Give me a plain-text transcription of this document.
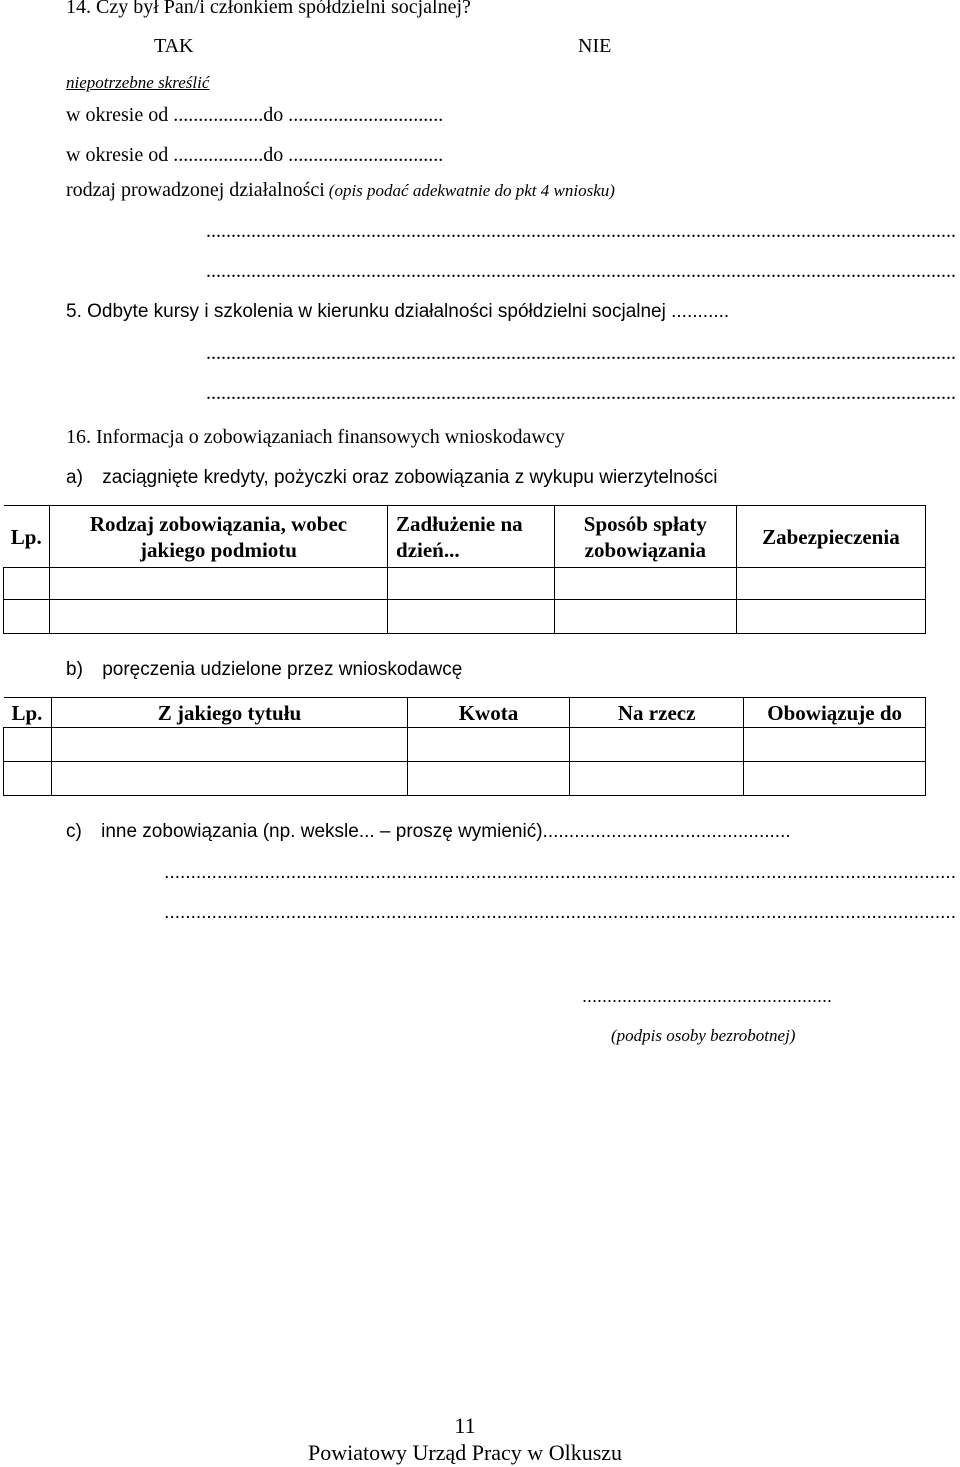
14. Czy był Pan/i członkiem spółdzielni socjalnej?
TAK	NIE
niepotrzebne skreślić
w okresie od ..................do ...............................
w okresie od ..................do ...............................
rodzaj prowadzonej działalności (opis podać adekwatnie do pkt 4 wniosku)
......................................................................................................................................................
......................................................................................................................................................
5. Odbyte kursy i szkolenia w kierunku działalności spółdzielni socjalnej ...........
......................................................................................................................................................
......................................................................................................................................................
16. Informacja o zobowiązaniach finansowych wnioskodawcy
a) zaciągnięte kredyty, pożyczki oraz zobowiązania z wykupu wierzytelności
Lp.	Rodzaj zobowiązania, wobec jakiego podmiotu	Zadłużenie na dzień...	Sposób spłaty zobowiązania	Zabezpieczenia

b) poręczenia udzielone przez wnioskodawcę
Lp.	Z jakiego tytułu	Kwota	Na rzecz	Obowiązuje do

c) inne zobowiązania (np. weksle... – proszę wymienić)...............................................
......................................................................................................................................................
......................................................................................................................................................
..................................................
(podpis osoby bezrobotnej)
11
Powiatowy Urząd Pracy w Olkuszu
